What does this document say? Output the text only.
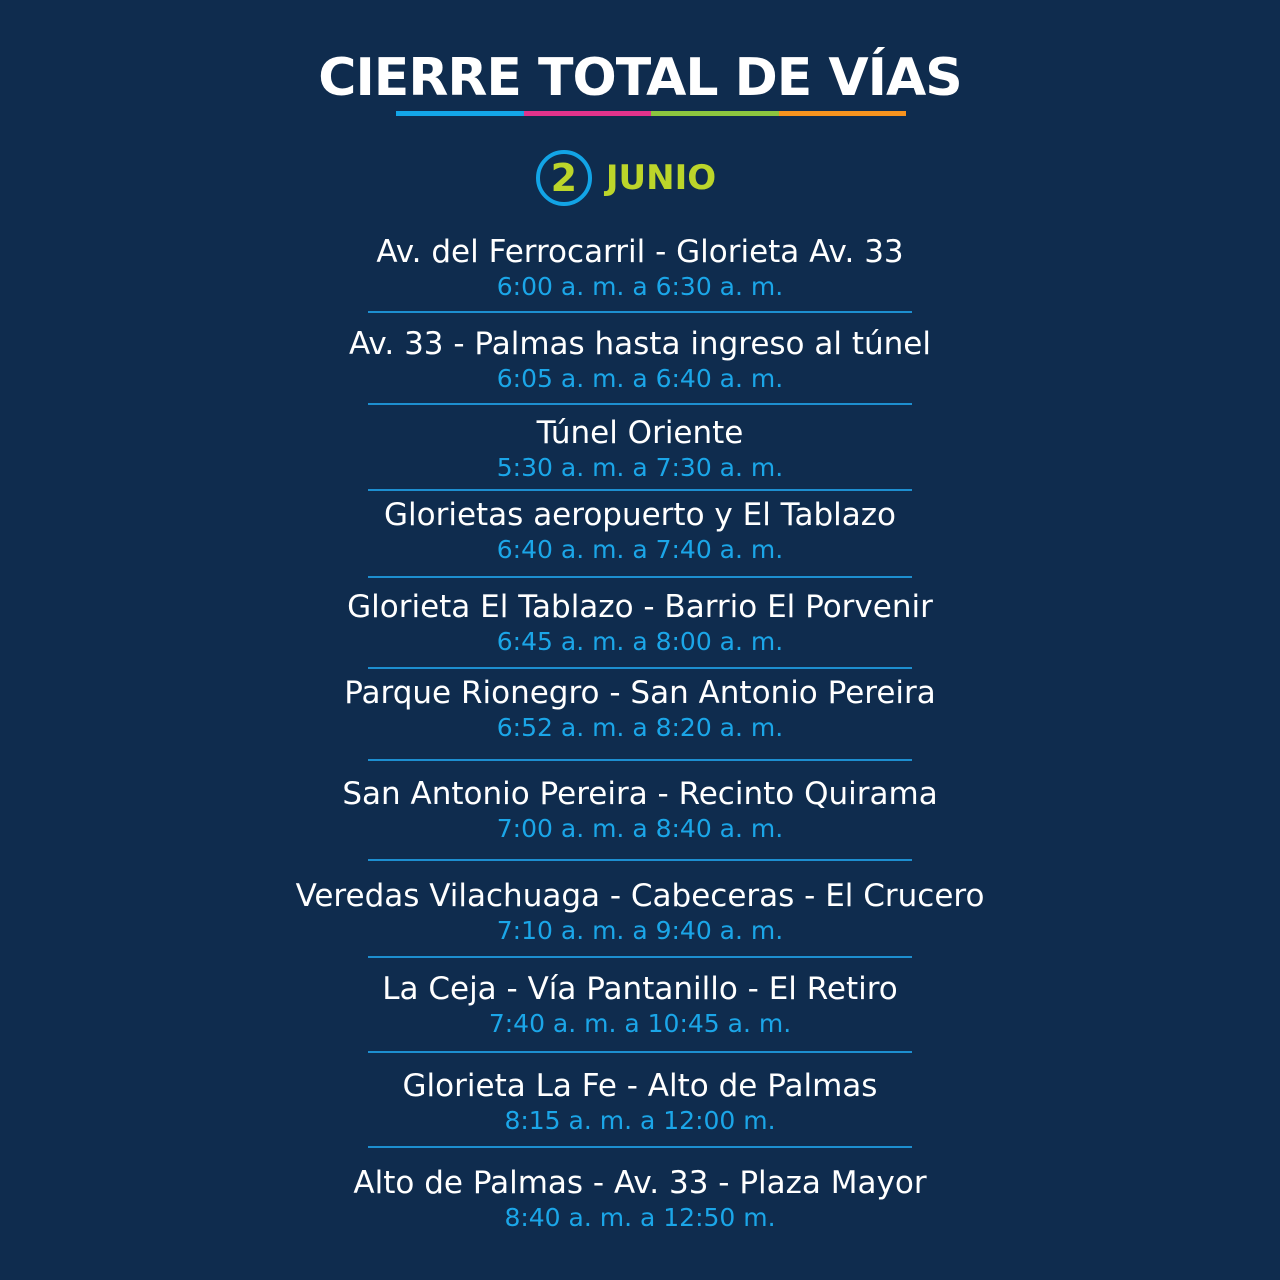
CIERRE TOTAL DE VÍAS
2 JUNIO
Av. del Ferrocarril - Glorieta Av. 33
6:00 a. m. a 6:30 a. m.
Av. 33 - Palmas hasta ingreso al túnel
6:05 a. m. a 6:40 a. m.
Túnel Oriente
5:30 a. m. a 7:30 a. m.
Glorietas aeropuerto y El Tablazo
6:40 a. m. a 7:40 a. m.
Glorieta El Tablazo - Barrio El Porvenir
6:45 a. m. a 8:00 a. m.
Parque Rionegro - San Antonio Pereira
6:52 a. m. a 8:20 a. m.
San Antonio Pereira - Recinto Quirama
7:00 a. m. a 8:40 a. m.
Veredas Vilachuaga - Cabeceras - El Crucero
7:10 a. m. a 9:40 a. m.
La Ceja - Vía Pantanillo - El Retiro
7:40 a. m. a 10:45 a. m.
Glorieta La Fe - Alto de Palmas
8:15 a. m. a 12:00 m.
Alto de Palmas - Av. 33 - Plaza Mayor
8:40 a. m. a 12:50 m.
